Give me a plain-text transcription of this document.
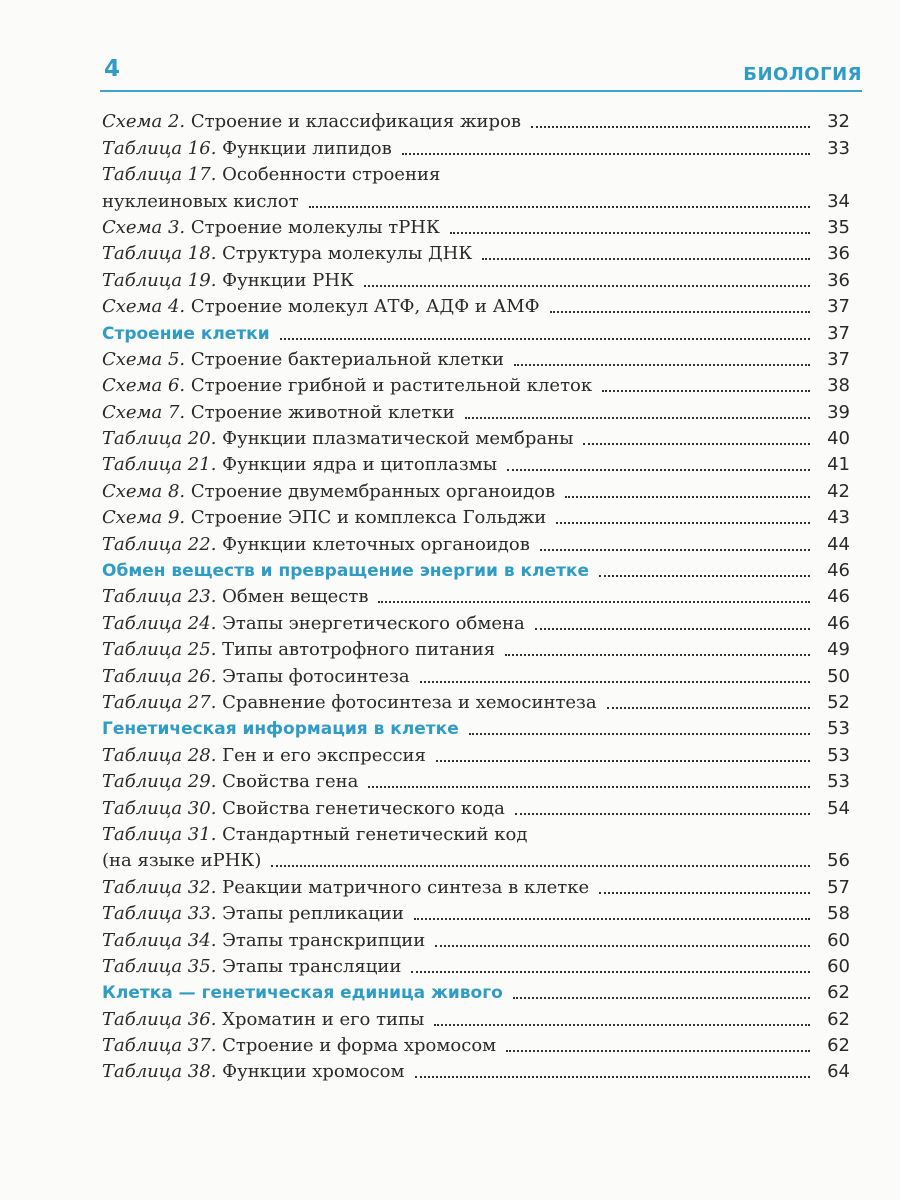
4	БИОЛОГИЯ
Схема 2. Строение и классификация жиров	32
Таблица 16. Функции липидов	33
Таблица 17. Особенности строения
нуклеиновых кислот	34
Схема 3. Строение молекулы тРНК	35
Таблица 18. Структура молекулы ДНК	36
Таблица 19. Функции РНК	36
Схема 4. Строение молекул АТФ, АДФ и АМФ	37
Строение клетки	37
Схема 5. Строение бактериальной клетки	37
Схема 6. Строение грибной и растительной клеток	38
Схема 7. Строение животной клетки	39
Таблица 20. Функции плазматической мембраны	40
Таблица 21. Функции ядра и цитоплазмы	41
Схема 8. Строение двумембранных органоидов	42
Схема 9. Строение ЭПС и комплекса Гольджи	43
Таблица 22. Функции клеточных органоидов	44
Обмен веществ и превращение энергии в клетке	46
Таблица 23. Обмен веществ	46
Таблица 24. Этапы энергетического обмена	46
Таблица 25. Типы автотрофного питания	49
Таблица 26. Этапы фотосинтеза	50
Таблица 27. Сравнение фотосинтеза и хемосинтеза	52
Генетическая информация в клетке	53
Таблица 28. Ген и его экспрессия	53
Таблица 29. Свойства гена	53
Таблица 30. Свойства генетического кода	54
Таблица 31. Стандартный генетический код
(на языке иРНК)	56
Таблица 32. Реакции матричного синтеза в клетке	57
Таблица 33. Этапы репликации	58
Таблица 34. Этапы транскрипции	60
Таблица 35. Этапы трансляции	60
Клетка — генетическая единица живого	62
Таблица 36. Хроматин и его типы	62
Таблица 37. Строение и форма хромосом	62
Таблица 38. Функции хромосом	64
